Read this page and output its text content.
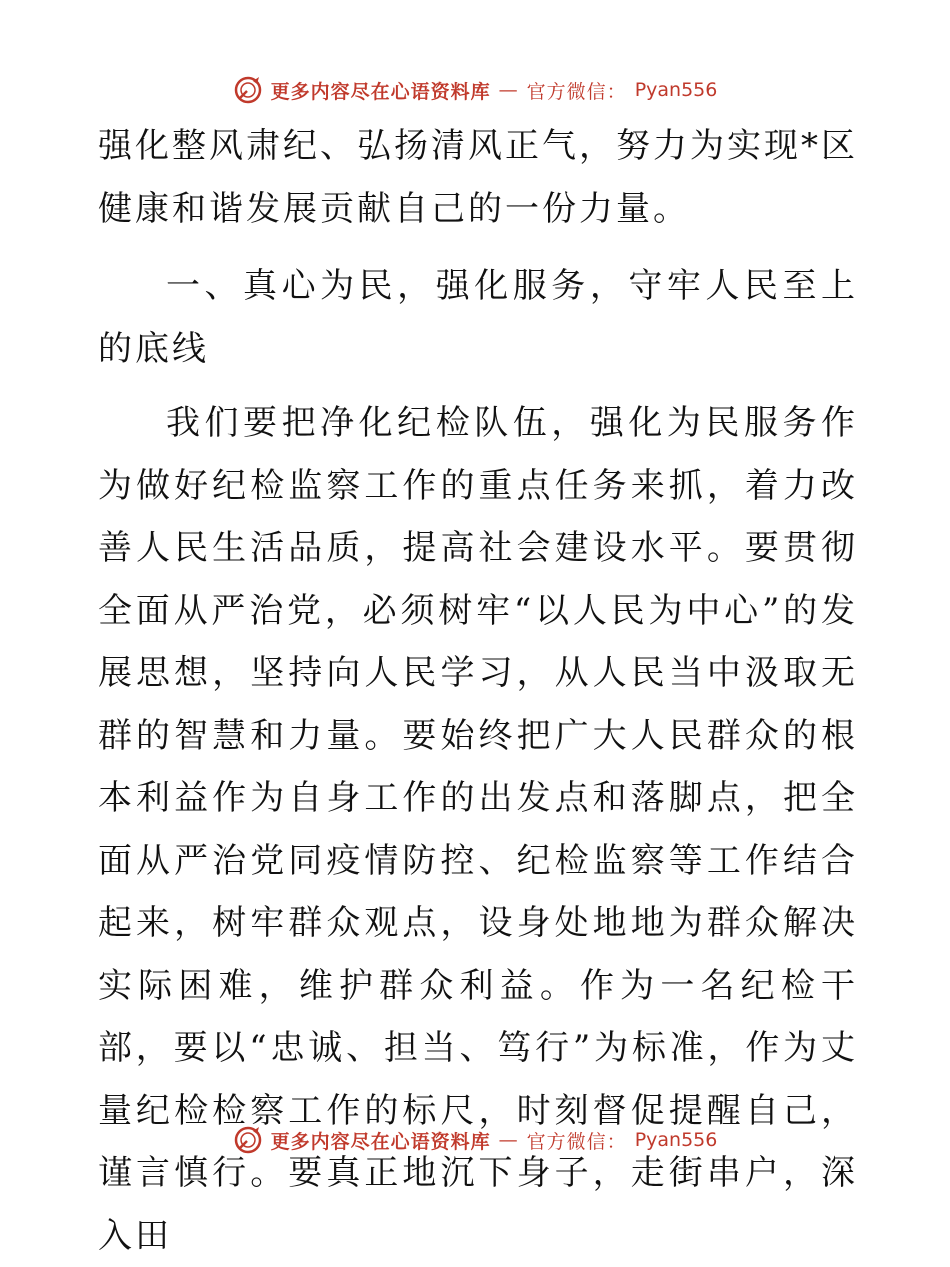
更多内容尽在心语资料库 — 官方微信： Pyan556

强化整风肃纪、弘扬清风正气，努力为实现*区健康和谐发展贡献自己的一份力量。

一、真心为民，强化服务，守牢人民至上的底线

我们要把净化纪检队伍，强化为民服务作为做好纪检监察工作的重点任务来抓，着力改善人民生活品质，提高社会建设水平。要贯彻全面从严治党，必须树牢“以人民为中心”的发展思想，坚持向人民学习，从人民当中汲取无群的智慧和力量。要始终把广大人民群众的根本利益作为自身工作的出发点和落脚点，把全面从严治党同疫情防控、纪检监察等工作结合起来，树牢群众观点，设身处地地为群众解决实际困难，维护群众利益。作为一名纪检干部，要以“忠诚、担当、笃行”为标准，作为丈量纪检检察工作的标尺，时刻督促提醒自己，谨言慎行。要真正地沉下身子，走街串户，深入田

更多内容尽在心语资料库 — 官方微信： Pyan556
